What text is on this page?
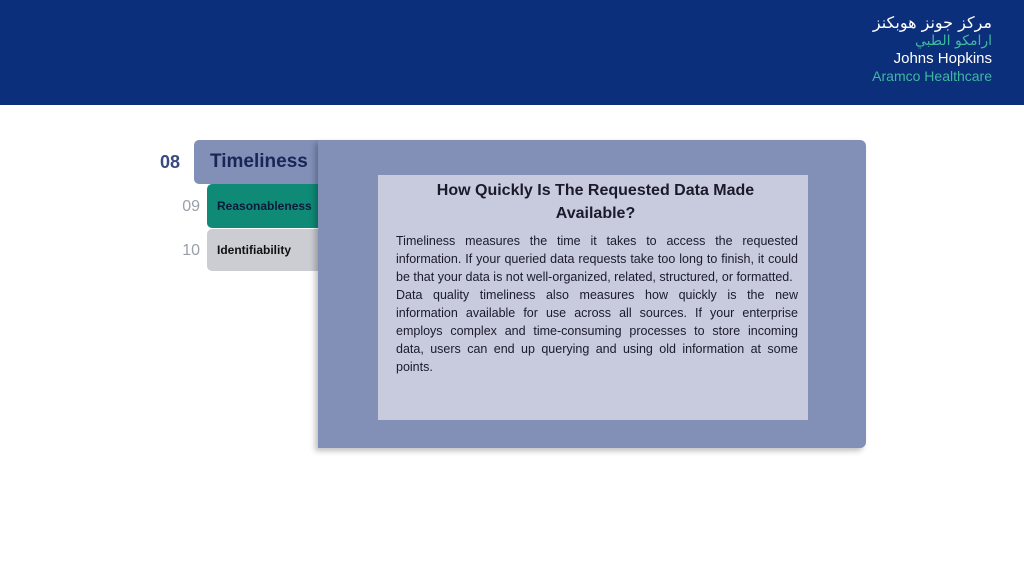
مركز جونز هوبكنز
ارامكو الطبي
Johns Hopkins
Aramco Healthcare
08
09
10
Timeliness
Reasonableness
Identifiability
How Quickly Is The Requested Data Made Available?

Timeliness measures the time it takes to access the requested information. If your queried data requests take too long to finish, it could be that your data is not well-organized, related, structured, or formatted.

Data quality timeliness also measures how quickly is the new information available for use across all sources. If your enterprise employs complex and time-consuming processes to store incoming data, users can end up querying and using old information at some points.
